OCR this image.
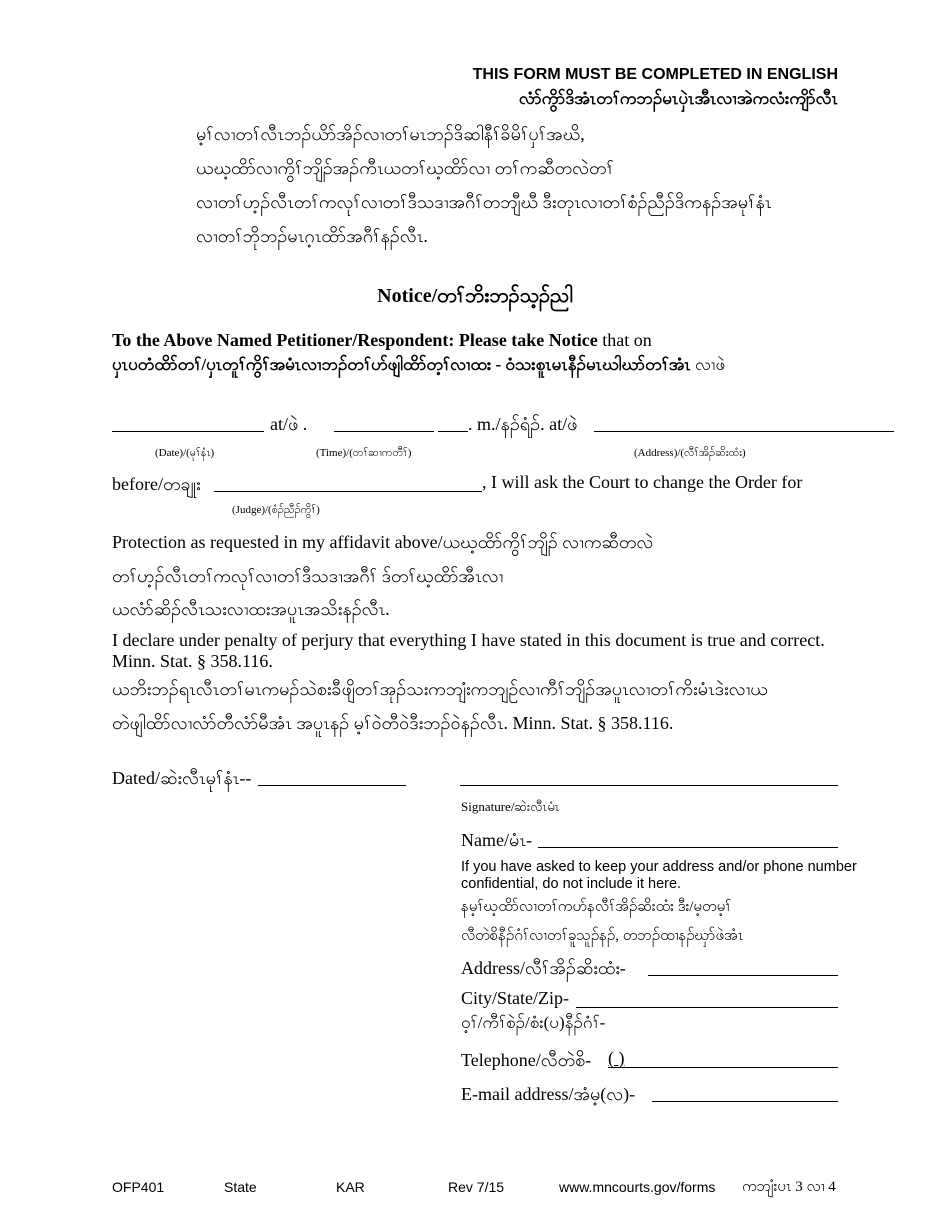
THIS FORM MUST BE COMPLETED IN ENGLISH
လံာ်ကွိာ်ဒိအံၤတၢ်ကဘၣ်မၤပှဲၤအီၤလၢအဲကလံးကျိာ်လီၤ
မ့ၢ်လၢတၢ်လီၤဘၣ်ယိာ်အိၣ်လၢတၢ်မၤဘၣ်ဒိဆါနီၢ်ခိမိၢ်ပှၢ်အဃိ,
ယဃ့ထိာ်လၢကွိၢ်ဘျိၣ်အၣ်ကီၤယတၢ်ဃ့ထိာ်လၢ တၢ်ကဆီတလဲတၢ်
လၢတၢ်ဟ့ၣ်လီၤတၢ်ကလုၢ်လၢတၢ်ဒီသဒၢအဂီၢ်တဘျီဃီ ဒီးတုၤလၢတၢ်စံၣ်ညီၣ်ဒိကနၣ်အမုၢ်နံၤ
လၢတၢ်ဘိုဘၣ်မၤဂ့ၤထိာ်အဂီၢ်နၣ်လီၤ.
Notice/တၢ်ဘိးဘၣ်သ့ၣ်ညါ
To the Above Named Petitioner/Respondent: Please take Notice that on
ပှၤပတံထိာ်တၢ်/ပှၤတူၢ်ကွိၢ်အမံၤလၢဘၣ်တၢ်ဟ်ဖျါထိာ်တ့ၢ်လၢထး - ဝံသးစူၤမၤနီၣ်မၤဃါဃာ်တၢ်အံၤ လၢဖဲ
at/ဖဲ .	. m./နၣ်ရံၣ်. at/ဖဲ
(Date)/(မုၢ်နံၤ)	(Time)/(တၢ်ဆၢကတီၢ်)	(Address)/(လီၢ်အိၣ်ဆိးထံး)
before/တချုး	, I will ask the Court to change the Order for
(Judge)/(စံၣ်ညီၣ်ကွိၢ်)
Protection as requested in my affidavit above/ယဃ့ထိာ်ကွိၢ်ဘျိၣ် လၢကဆီတလဲ
တၢ်ဟ့ၣ်လီၤတၢ်ကလုၢ်လၢတၢ်ဒီသဒၢအဂီၢ် ဒ်တၢ်ဃ့ထိာ်အီၤလၢ
ယလံာ်ဆိၣ်လီၤသးလၢထးအပူၤအသိးနၣ်လီၤ.
I declare under penalty of perjury that everything I have stated in this document is true and correct.
Minn. Stat. § 358.116.
ယဘိးဘၣ်ရၤလီၤတၢ်မၤကမၣ်သဲစးခီဖျိတၢ်အုၣ်သးကဘျံးကဘျဉ်လၢကီၢ်ဘျိၣ်အပူၤလၢတၢ်ကိးမံၤဒဲးလၢယ
တဲဖျါထိာ်လၢလံာ်တီလံာ်မီအံၤ အပူၤနၣ် မ့ၢ်ဝဲတီဝဲဒီးဘၣ်ဝဲနၣ်လီၤ. Minn. Stat. § 358.116.
Dated/ဆဲးလီၤမုၢ်နံၤ--
Signature/ဆဲးလီၤမံၤ
Name/မံၤ-
If you have asked to keep your address and/or phone number confidential, do not include it here.
နမ့ၢ်ဃ့ထိာ်လၢတၢ်ကဟ်နလီၢ်အိၣ်ဆိးထံး ဒီး/မ့တမ့ၢ်
လီတဲစိနီၣ်ဂံၢ်လၢတၢ်ခူသူၣ်နၣ်, တဘၣ်ထၢနၣ်ဃှာ်ဖဲအံၤ
Address/လီၢ်အိၣ်ဆိးထံး-
City/State/Zip-
ဝ့ၢ်/ကီၢ်စဲၣ်/စံး(ပ)နီၣ်ဂံၢ်-
Telephone/လီတဲစိ- ( )
E-mail address/အံမ့(လ)-
OFP401	State	KAR	Rev 7/15	www.mncourts.gov/forms ကဘျံးပၤ 3 လၢ 4
